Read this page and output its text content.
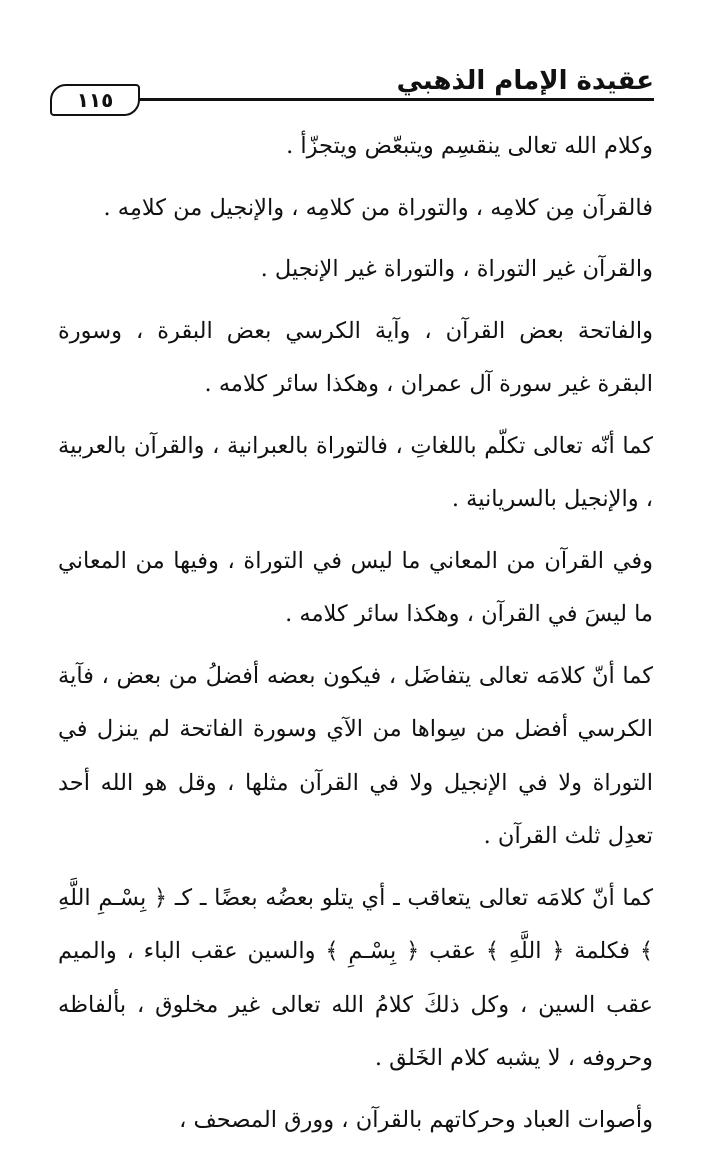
عقيدة الإمام الذهبي
١١٥

وكلام الله تعالى ينقسِم ويتبعّض ويتجزّأ .

فالقرآن مِن كلامِه ، والتوراة من كلامِه ، والإنجيل من كلامِه .

والقرآن غير التوراة ، والتوراة غير الإنجيل .

والفاتحة بعض القرآن ، وآية الكرسي بعض البقرة ، وسورة البقرة غير سورة آل عمران ، وهكذا سائر كلامه .

كما أنّه تعالى تكلّم باللغاتِ ، فالتوراة بالعبرانية ، والقرآن بالعربية ، والإنجيل بالسريانية .

وفي القرآن من المعاني ما ليس في التوراة ، وفيها من المعاني ما ليسَ في القرآن ، وهكذا سائر كلامه .

كما أنّ كلامَه تعالى يتفاضَل ، فيكون بعضه أفضلُ من بعض ، فآية الكرسي أفضل من سِواها من الآي وسورة الفاتحة لم ينزل في التوراة ولا في الإنجيل ولا في القرآن مثلها ، وقل هو الله أحد تعدِل ثلث القرآن .

كما أنّ كلامَه تعالى يتعاقب ـ أي يتلو بعضُه بعضًا ـ كـ ﴿ بِسْـمِ اللَّهِ ﴾ فكلمة ﴿ اللَّهِ ﴾ عقب ﴿ بِسْـمِ ﴾ والسين عقب الباء ، والميم عقب السين ، وكل ذلكَ كلامُ الله تعالى غير مخلوق ، بألفاظه وحروفه ، لا يشبه كلام الخَلق .

وأصوات العباد وحركاتهم بالقرآن ، وورق المصحف ،
